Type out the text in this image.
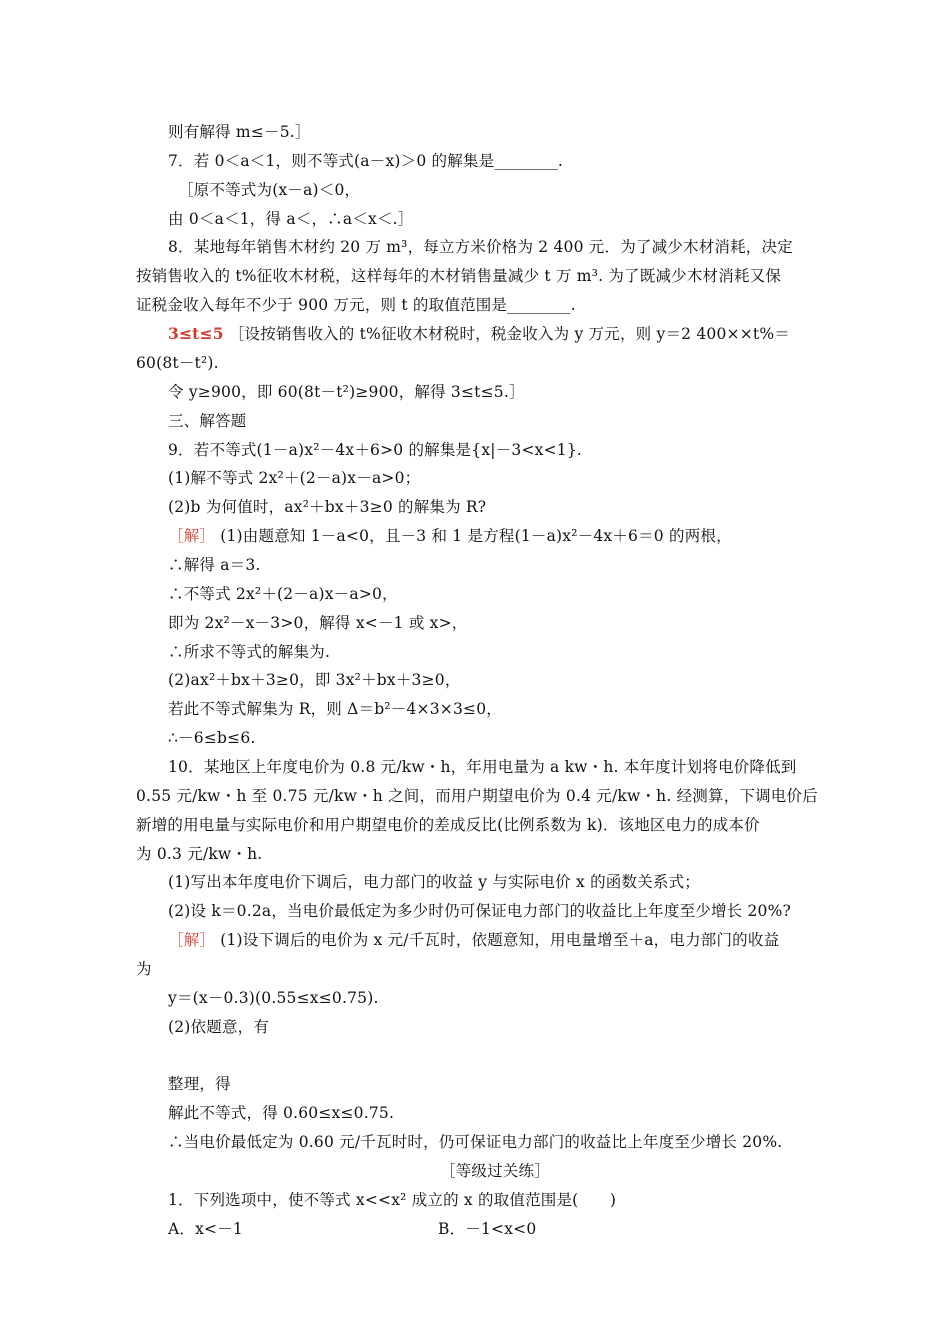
则有解得 m≤－5.］
7．若 0＜a＜1，则不等式(a－x)＞0 的解集是________.
［原不等式为(x－a)＜0，
由 0＜a＜1，得 a＜，∴a＜x＜.］
8．某地每年销售木材约 20 万 m³，每立方米价格为 2 400 元．为了减少木材消耗，决定
按销售收入的 t%征收木材税，这样每年的木材销售量减少 t 万 m³. 为了既减少木材消耗又保
证税金收入每年不少于 900 万元，则 t 的取值范围是________.
3≤t≤5 ［设按销售收入的 t%征收木材税时，税金收入为 y 万元，则 y＝2 400××t%＝
60(8t－t²).
令 y≥900，即 60(8t－t²)≥900，解得 3≤t≤5.］
三、解答题
9．若不等式(1－a)x²－4x＋6>0 的解集是{x|－3<x<1}.
(1)解不等式 2x²＋(2－a)x－a>0；
(2)b 为何值时，ax²＋bx＋3≥0 的解集为 R?
［解］ (1)由题意知 1－a<0，且－3 和 1 是方程(1－a)x²－4x＋6＝0 的两根，
∴解得 a＝3.
∴不等式 2x²＋(2－a)x－a>0，
即为 2x²－x－3>0，解得 x<－1 或 x>，
∴所求不等式的解集为.
(2)ax²＋bx＋3≥0，即 3x²＋bx＋3≥0，
若此不等式解集为 R，则 Δ＝b²－4×3×3≤0，
∴－6≤b≤6.
10．某地区上年度电价为 0.8 元/kw・h，年用电量为 a kw・h. 本年度计划将电价降低到
0.55 元/kw・h 至 0.75 元/kw・h 之间，而用户期望电价为 0.4 元/kw・h. 经测算，下调电价后
新增的用电量与实际电价和用户期望电价的差成反比(比例系数为 k)．该地区电力的成本价
为 0.3 元/kw・h.
(1)写出本年度电价下调后，电力部门的收益 y 与实际电价 x 的函数关系式；
(2)设 k＝0.2a，当电价最低定为多少时仍可保证电力部门的收益比上年度至少增长 20%?
［解］ (1)设下调后的电价为 x 元/千瓦时，依题意知，用电量增至＋a，电力部门的收益
为
y＝(x－0.3)(0.55≤x≤0.75).
(2)依题意，有
整理，得
解此不等式，得 0.60≤x≤0.75.
∴当电价最低定为 0.60 元/千瓦时时，仍可保证电力部门的收益比上年度至少增长 20%.
［等级过关练］
1．下列选项中，使不等式 x<<x² 成立的 x 的取值范围是(　　)
A．x<－1	B．－1<x<0
